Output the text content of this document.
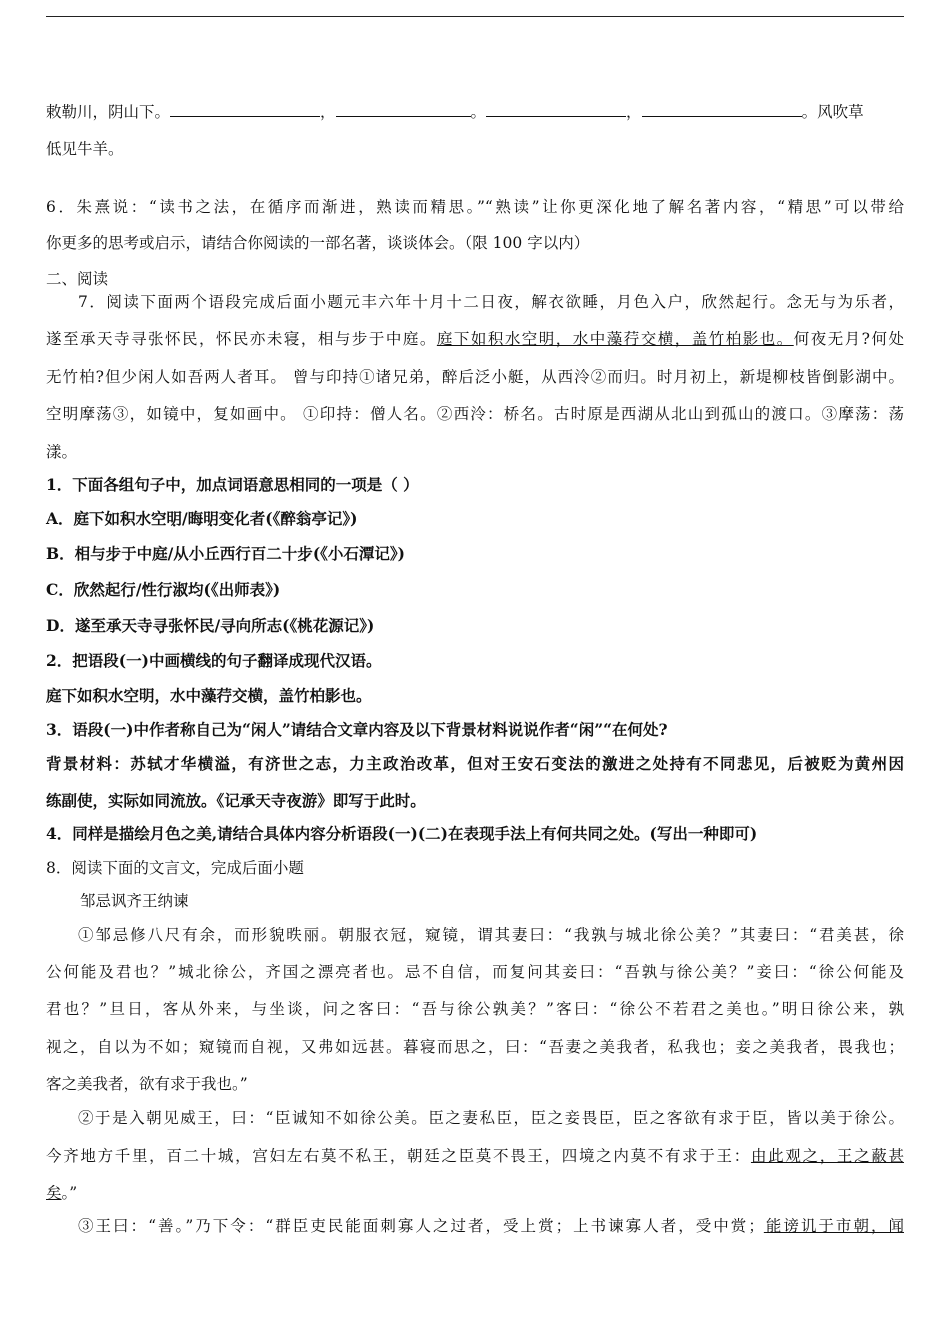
敕勒川，阴山下。	，	。	，	。风吹草
低见牛羊。
6．朱熹说：“读书之法，在循序而渐进，熟读而精思。”“熟读”让你更深化地了解名著内容，“精思”可以带给
你更多的思考或启示，请结合你阅读的一部名著，谈谈体会。（限 100 字以内）
二、阅读
7．阅读下面两个语段完成后面小题元丰六年十月十二日夜，解衣欲睡，月色入户，欣然起行。念无与为乐者，
遂至承天寺寻张怀民，怀民亦未寝，相与步于中庭。庭下如积水空明，水中藻荇交横，盖竹柏影也。何夜无月?何处
无竹柏?但少闲人如吾两人者耳。 曾与印持①诸兄弟，醉后泛小艇，从西泠②而归。时月初上，新堤柳枝皆倒影湖中。
空明摩荡③，如镜中，复如画中。 ①印持：僧人名。②西泠：桥名。古时原是西湖从北山到孤山的渡口。③摩荡：荡
漾。
1．下面各组句子中，加点词语意思相同的一项是（ ）
A．庭下如积水空明/晦明变化者(《醉翁亭记》)
B．相与步于中庭/从小丘西行百二十步(《小石潭记》)
C．欣然起行/性行淑均(《出师表》)
D．遂至承天寺寻张怀民/寻向所志(《桃花源记》)
2．把语段(一)中画横线的句子翻译成现代汉语。
庭下如积水空明，水中藻荇交横，盖竹柏影也。
3．语段(一)中作者称自己为“闲人”请结合文章内容及以下背景材料说说作者“闲”“在何处?
背景材料：苏轼才华横溢，有济世之志，力主政治改革，但对王安石变法的激进之处持有不同悲见，后被贬为黄州因
练副使，实际如同流放。《记承天寺夜游》即写于此时。
4．同样是描绘月色之美,请结合具体内容分析语段(一)(二)在表现手法上有何共同之处。(写出一种即可)
8．阅读下面的文言文，完成后面小题
邹忌讽齐王纳谏
①邹忌修八尺有余，而形貌昳丽。朝服衣冠，窥镜，谓其妻曰：“我孰与城北徐公美？”其妻曰：“君美甚，徐
公何能及君也？”城北徐公，齐国之漂亮者也。忌不自信，而复问其妾曰：“吾孰与徐公美？”妾曰：“徐公何能及
君也？”旦日，客从外来，与坐谈，问之客曰：“吾与徐公孰美？”客曰：“徐公不若君之美也。”明日徐公来，孰
视之，自以为不如；窥镜而自视，又弗如远甚。暮寝而思之，曰：“吾妻之美我者，私我也；妾之美我者，畏我也；
客之美我者，欲有求于我也。”
②于是入朝见威王，曰：“臣诚知不如徐公美。臣之妻私臣，臣之妾畏臣，臣之客欲有求于臣，皆以美于徐公。
今齐地方千里，百二十城，宫妇左右莫不私王，朝廷之臣莫不畏王，四境之内莫不有求于王：由此观之，王之蔽甚
矣。”
③王曰：“善。”乃下令：“群臣吏民能面刺寡人之过者，受上赏；上书谏寡人者，受中赏；能谤讥于市朝，闻
